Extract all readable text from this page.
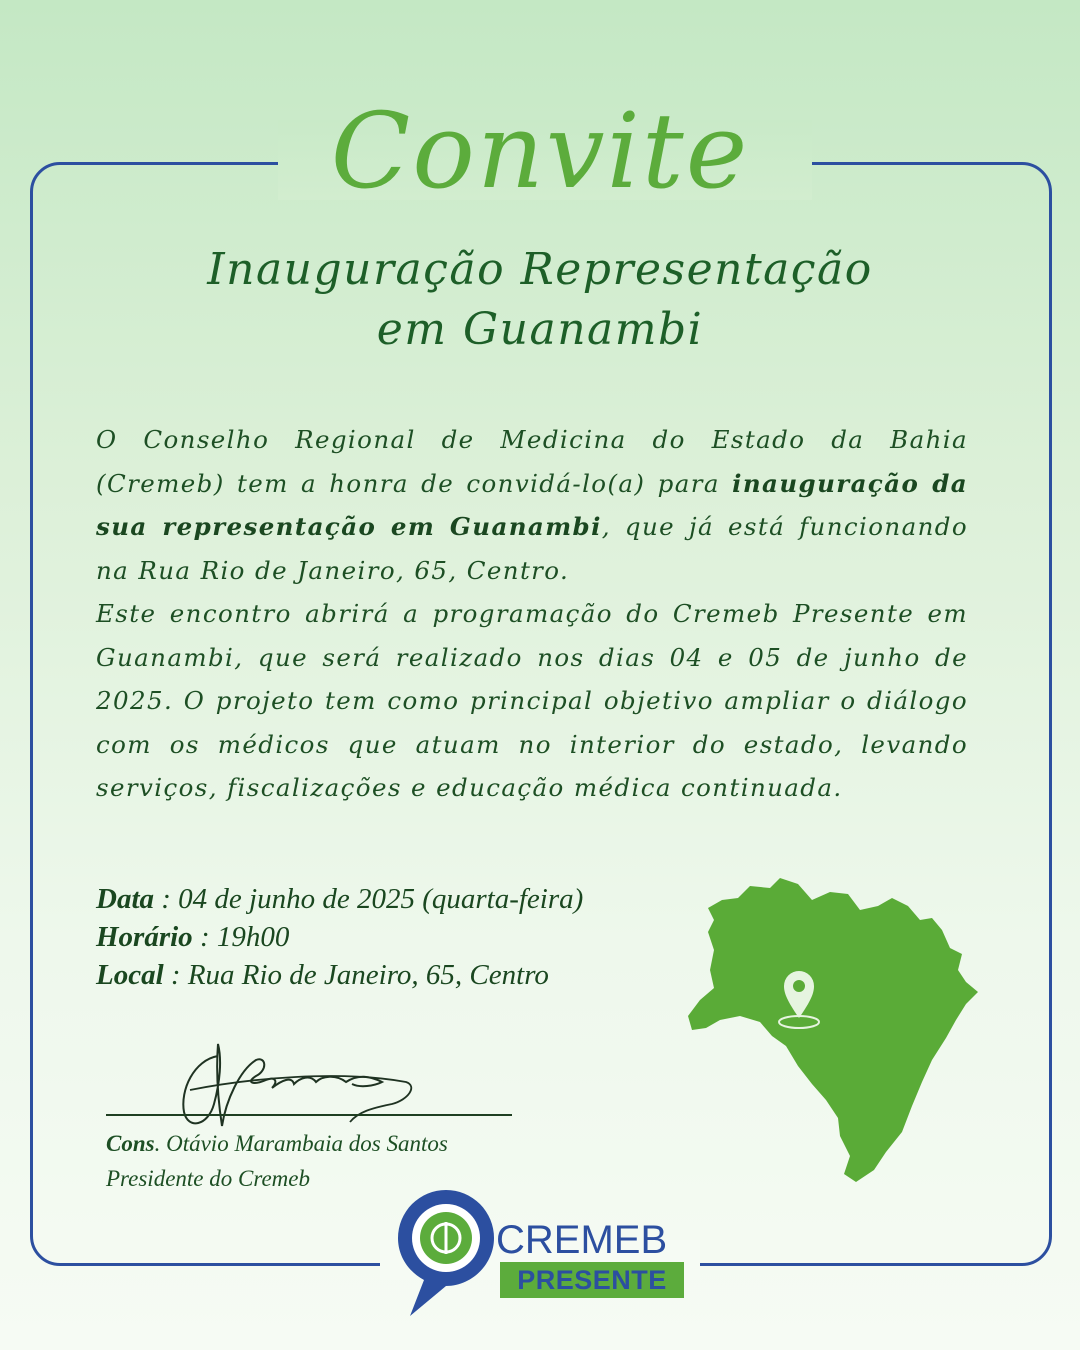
Convite
Inauguração Representação
em Guanambi

O Conselho Regional de Medicina do Estado da Bahia (Cremeb) tem a honra de convidá-lo(a) para inauguração da sua representação em Guanambi, que já está funcionando na Rua Rio de Janeiro, 65, Centro.

Este encontro abrirá a programação do Cremeb Presente em Guanambi, que será realizado nos dias 04 e 05 de junho de 2025. O projeto tem como principal objetivo ampliar o diálogo com os médicos que atuam no interior do estado, levando serviços, fiscalizações e educação médica continuada.

Data : 04 de junho de 2025 (quarta-feira)
Horário : 19h00
Local : Rua Rio de Janeiro, 65, Centro
Cons. Otávio Marambaia dos Santos
Presidente do Cremeb
CREMEB
PRESENTE
